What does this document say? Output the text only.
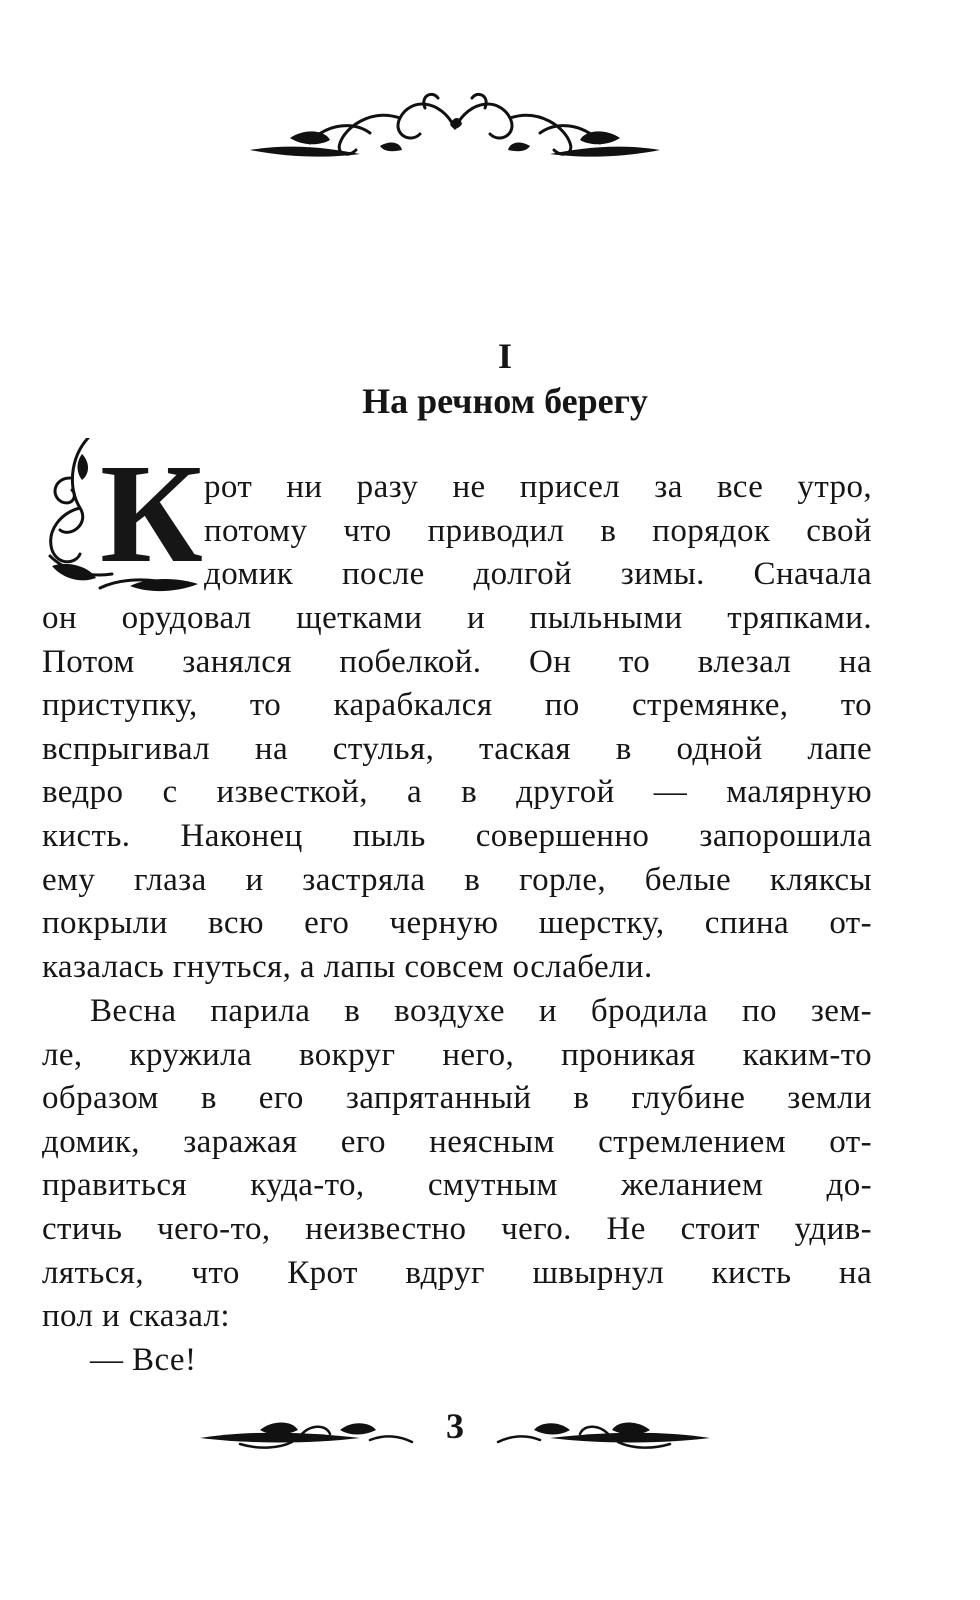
I
На речном берегу
К рот ни разу не присел за все утро,
потому что приводил в порядок свой
домик после долгой зимы. Сначала
он орудовал щетками и пыльными тряпками.
Потом занялся побелкой. Он то влезал на
приступку, то карабкался по стремянке, то
вспрыгивал на стулья, таская в одной лапе
ведро с известкой, а в другой — малярную
кисть. Наконец пыль совершенно запорошила
ему глаза и застряла в горле, белые кляксы
покрыли всю его черную шерстку, спина от-
казалась гнуться, а лапы совсем ослабели.
Весна парила в воздухе и бродила по зем-
ле, кружила вокруг него, проникая каким-то
образом в его запрятанный в глубине земли
домик, заражая его неясным стремлением от-
правиться куда-то, смутным желанием до-
стичь чего-то, неизвестно чего. Не стоит удив-
ляться, что Крот вдруг швырнул кисть на
пол и сказал:
— Все!
3
